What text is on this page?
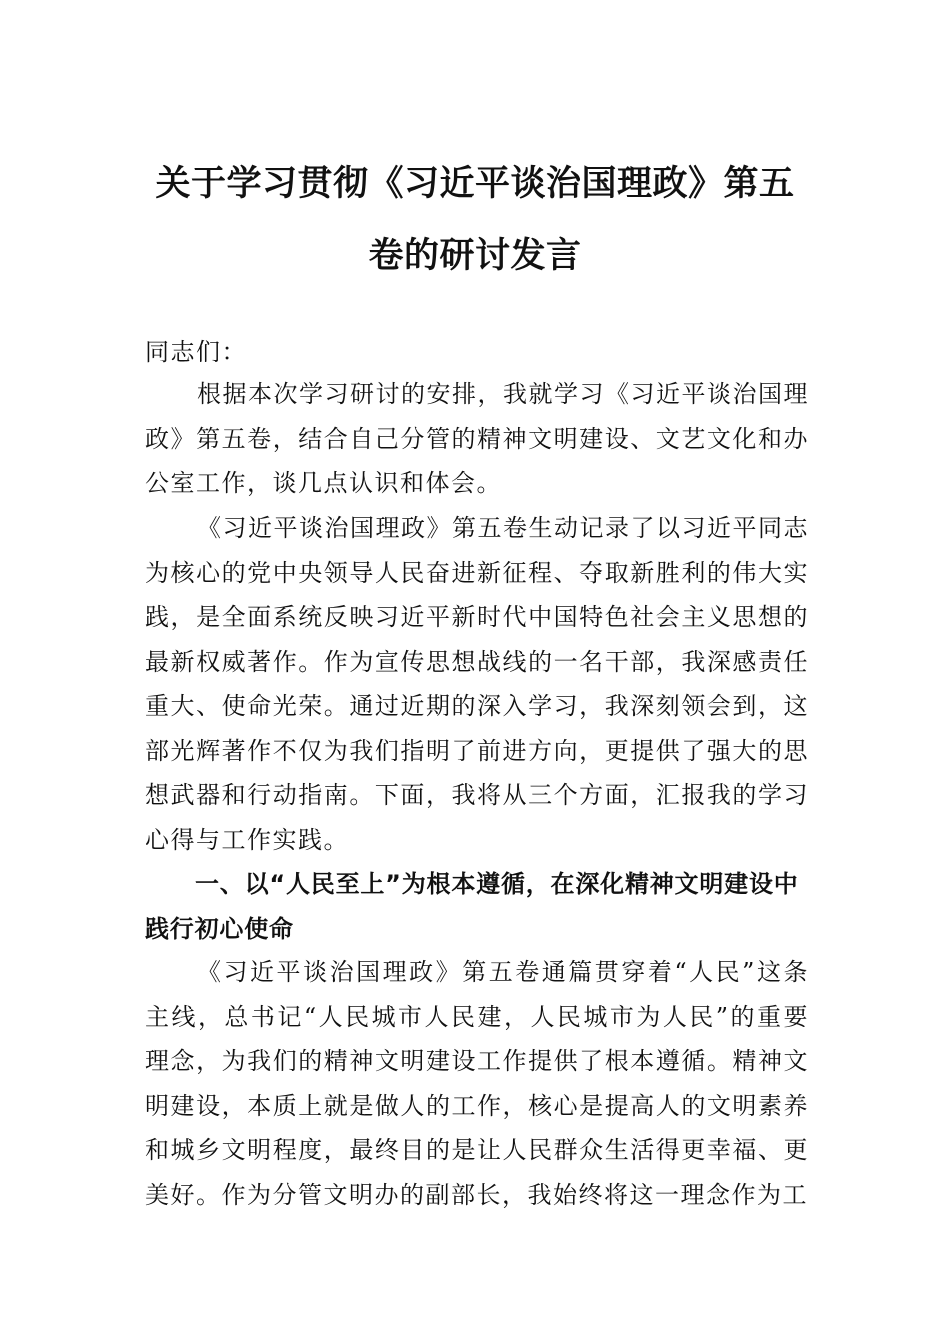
关于学习贯彻《习近平谈治国理政》第五
卷的研讨发言

同志们：

根据本次学习研讨的安排，我就学习《习近平谈治国理政》第五卷，结合自己分管的精神文明建设、文艺文化和办公室工作，谈几点认识和体会。

《习近平谈治国理政》第五卷生动记录了以习近平同志为核心的党中央领导人民奋进新征程、夺取新胜利的伟大实践，是全面系统反映习近平新时代中国特色社会主义思想的最新权威著作。作为宣传思想战线的一名干部，我深感责任重大、使命光荣。通过近期的深入学习，我深刻领会到，这部光辉著作不仅为我们指明了前进方向，更提供了强大的思想武器和行动指南。下面，我将从三个方面，汇报我的学习心得与工作实践。

一、以“人民至上”为根本遵循，在深化精神文明建设中践行初心使命

《习近平谈治国理政》第五卷通篇贯穿着“人民”这条主线，总书记“人民城市人民建，人民城市为人民”的重要理念，为我们的精神文明建设工作提供了根本遵循。精神文明建设，本质上就是做人的工作，核心是提高人的文明素养和城乡文明程度，最终目的是让人民群众生活得更幸福、更美好。作为分管文明办的副部长，我始终将这一理念作为工
